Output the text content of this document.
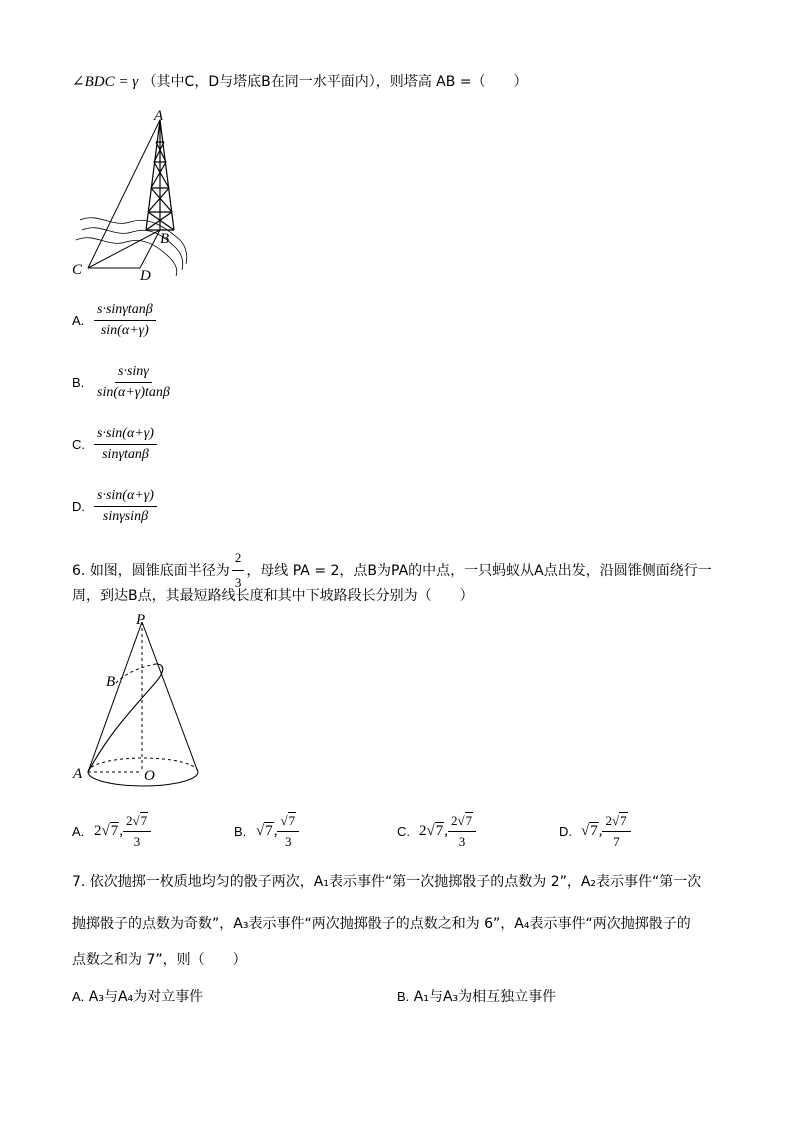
∠BDC = γ （其中C，D与塔底B在同一水平面内），则塔高 AB =（　　）
A
B
C	D
A. $\frac{s\cdot\sin\gamma\tan\beta}{\sin(\alpha+\gamma)}$
B. $\frac{s\cdot\sin\gamma}{\sin(\alpha+\gamma)\tan\beta}$
C. $\frac{s\cdot\sin(\alpha+\gamma)}{\sin\gamma\tan\beta}$
D. $\frac{s\cdot\sin(\alpha+\gamma)}{\sin\gamma\sin\beta}$
6.
如图，圆锥底面半径为 $\frac{2}{3}$ ，母线 PA = 2，点B为PA的中点，一只蚂蚁从A点出发，沿圆锥侧面绕行一
周，到达B点，其最短路线长度和其中下坡路段长分别为（　　）
P
B
A	O
A. 2 √ 7 , $\frac{2√7}{3}$	B. √ 7 , $\frac{√7}{3}$	C. 2 √ 7 , $\frac{2√7}{3}$	D. √ 7 , $\frac{2√7}{7}$
7. 依次抛掷一枚质地均匀的骰子两次，A₁表示事件“第一次抛掷骰子的点数为 2”，A₂表示事件“第一次
抛掷骰子的点数为奇数”，A₃表示事件“两次抛掷骰子的点数之和为 6”，A₄表示事件“两次抛掷骰子的
点数之和为 7”，则（　　）
A. A₃与A₄为对立事件	B. A₁与A₃为相互独立事件
